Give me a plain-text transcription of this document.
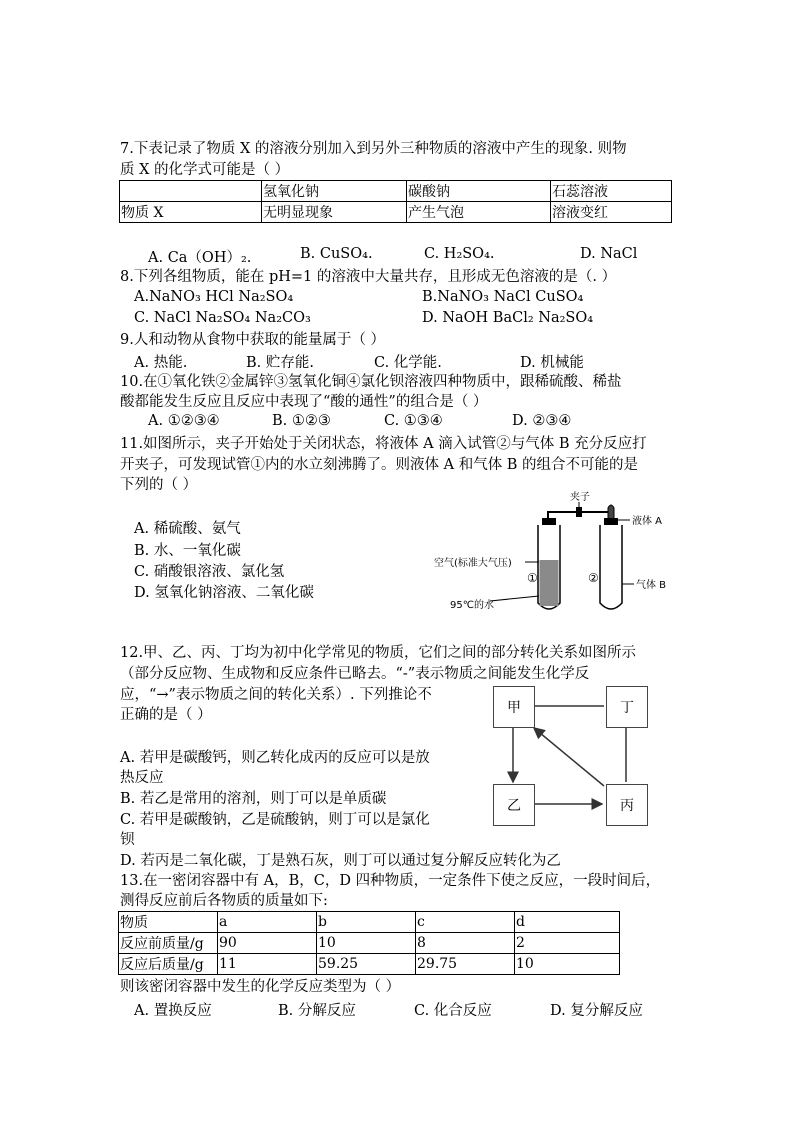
7.下表记录了物质 X 的溶液分别加入到另外三种物质的溶液中产生的现象. 则物
质 X 的化学式可能是（ ）
	氢氧化钠	碳酸钠	石蕊溶液
物质 X	无明显现象	产生气泡	溶液变红
A. Ca（OH）₂.	B. CuSO₄.	C. H₂SO₄.	D. NaCl
8.下列各组物质，能在 pH=1 的溶液中大量共存，且形成无色溶液的是（. ）
A.NaNO₃ HCl Na₂SO₄	B.NaNO₃ NaCl CuSO₄
C. NaCl Na₂SO₄ Na₂CO₃	D. NaOH BaCl₂ Na₂SO₄
9.人和动物从食物中获取的能量属于（ ）
A. 热能.	B. 贮存能.	C. 化学能.	D. 机械能
10.在①氧化铁②金属锌③氢氧化铜④氯化钡溶液四种物质中，跟稀硫酸、稀盐
酸都能发生反应且反应中表现了“酸的通性”的组合是（ ）
A. ①②③④	B. ①②③	C. ①③④	D. ②③④
11.如图所示，夹子开始处于关闭状态，将液体 A 滴入试管②与气体 B 充分反应打
开夹子，可发现试管①内的水立刻沸腾了。则液体 A 和气体 B 的组合不可能的是
下列的（ ）
A. 稀硫酸、氨气
B. 水、一氧化碳
C. 硝酸银溶液、氯化氢
D. 氢氧化钠溶液、二氧化碳
夹子
液体 A
空气(标准大气压)
①	②
气体 B
95℃的水
12.甲、乙、丙、丁均为初中化学常见的物质，它们之间的部分转化关系如图所示
（部分反应物、生成物和反应条件已略去。“-”表示物质之间能发生化学反
应，“→”表示物质之间的转化关系）. 下列推论不
正确的是（ ）
A. 若甲是碳酸钙，则乙转化成丙的反应可以是放
热反应
B. 若乙是常用的溶剂，则丁可以是单质碳
C. 若甲是碳酸钠，乙是硫酸钠，则丁可以是氯化
钡
D. 若丙是二氧化碳，丁是熟石灰，则丁可以通过复分解反应转化为乙
甲	丁
乙	丙
13.在一密闭容器中有 A，B，C，D 四种物质，一定条件下使之反应，一段时间后，
测得反应前后各物质的质量如下:
物质	a	b	c	d
反应前质量/g	90	10	8	2
反应后质量/g	11	59.25	29.75	10
则该密闭容器中发生的化学反应类型为（ ）
A. 置换反应	B. 分解反应	C. 化合反应	D. 复分解反应
